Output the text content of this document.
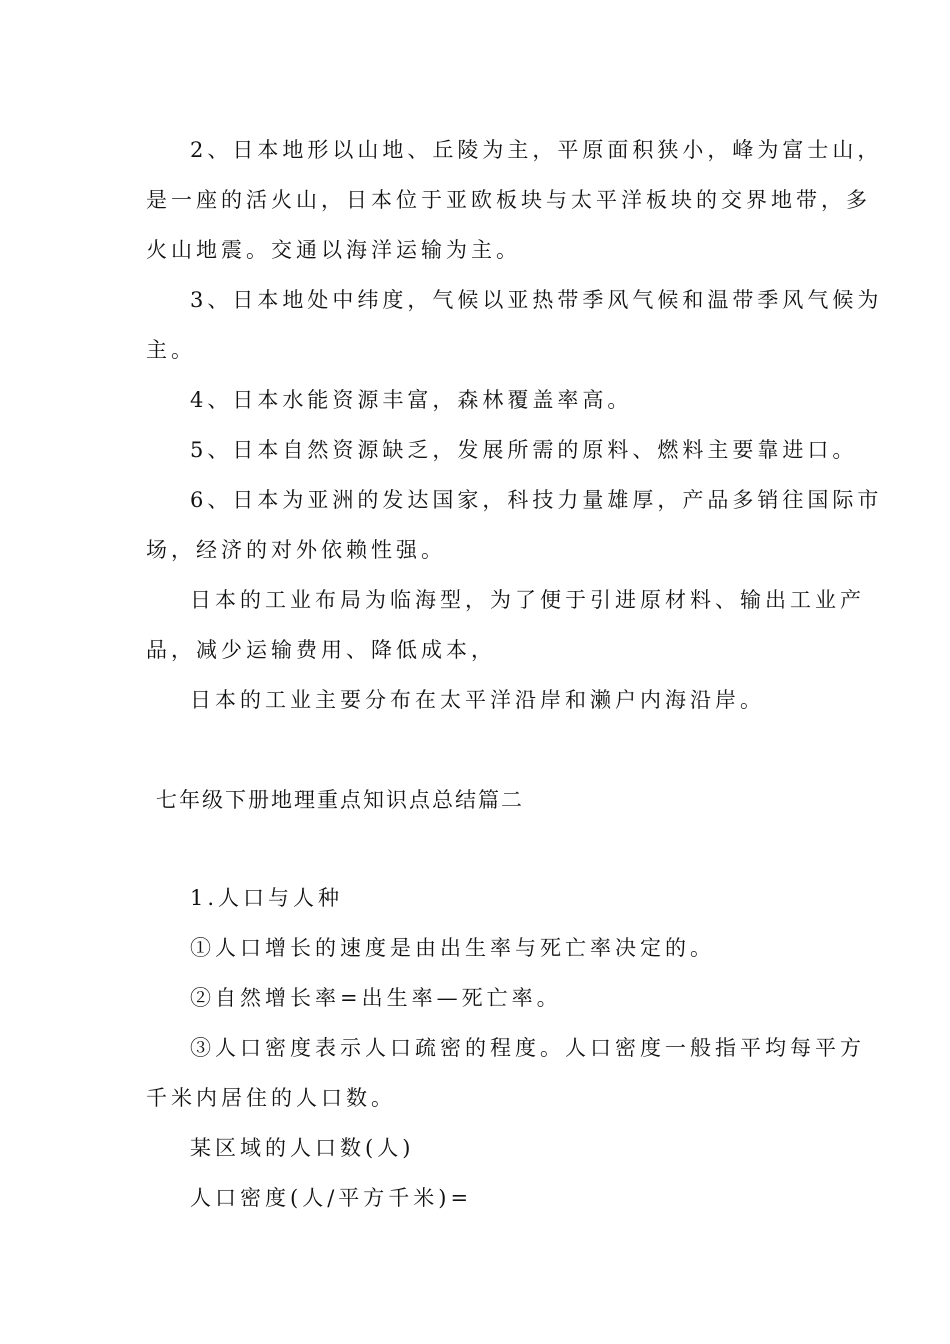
2、日本地形以山地、丘陵为主，平原面积狭小，峰为富士山，
是一座的活火山，日本位于亚欧板块与太平洋板块的交界地带，多
火山地震。交通以海洋运输为主。
3、日本地处中纬度，气候以亚热带季风气候和温带季风气候为
主。
4、日本水能资源丰富，森林覆盖率高。
5、日本自然资源缺乏，发展所需的原料、燃料主要靠进口。
6、日本为亚洲的发达国家，科技力量雄厚，产品多销往国际市
场，经济的对外依赖性强。
日本的工业布局为临海型，为了便于引进原材料、输出工业产
品，减少运输费用、降低成本，
日本的工业主要分布在太平洋沿岸和濑户内海沿岸。
七年级下册地理重点知识点总结篇二
1.人口与人种
①人口增长的速度是由出生率与死亡率决定的。
②自然增长率=出生率—死亡率。
③人口密度表示人口疏密的程度。人口密度一般指平均每平方
千米内居住的人口数。
某区域的人口数(人)
人口密度(人/平方千米)=
